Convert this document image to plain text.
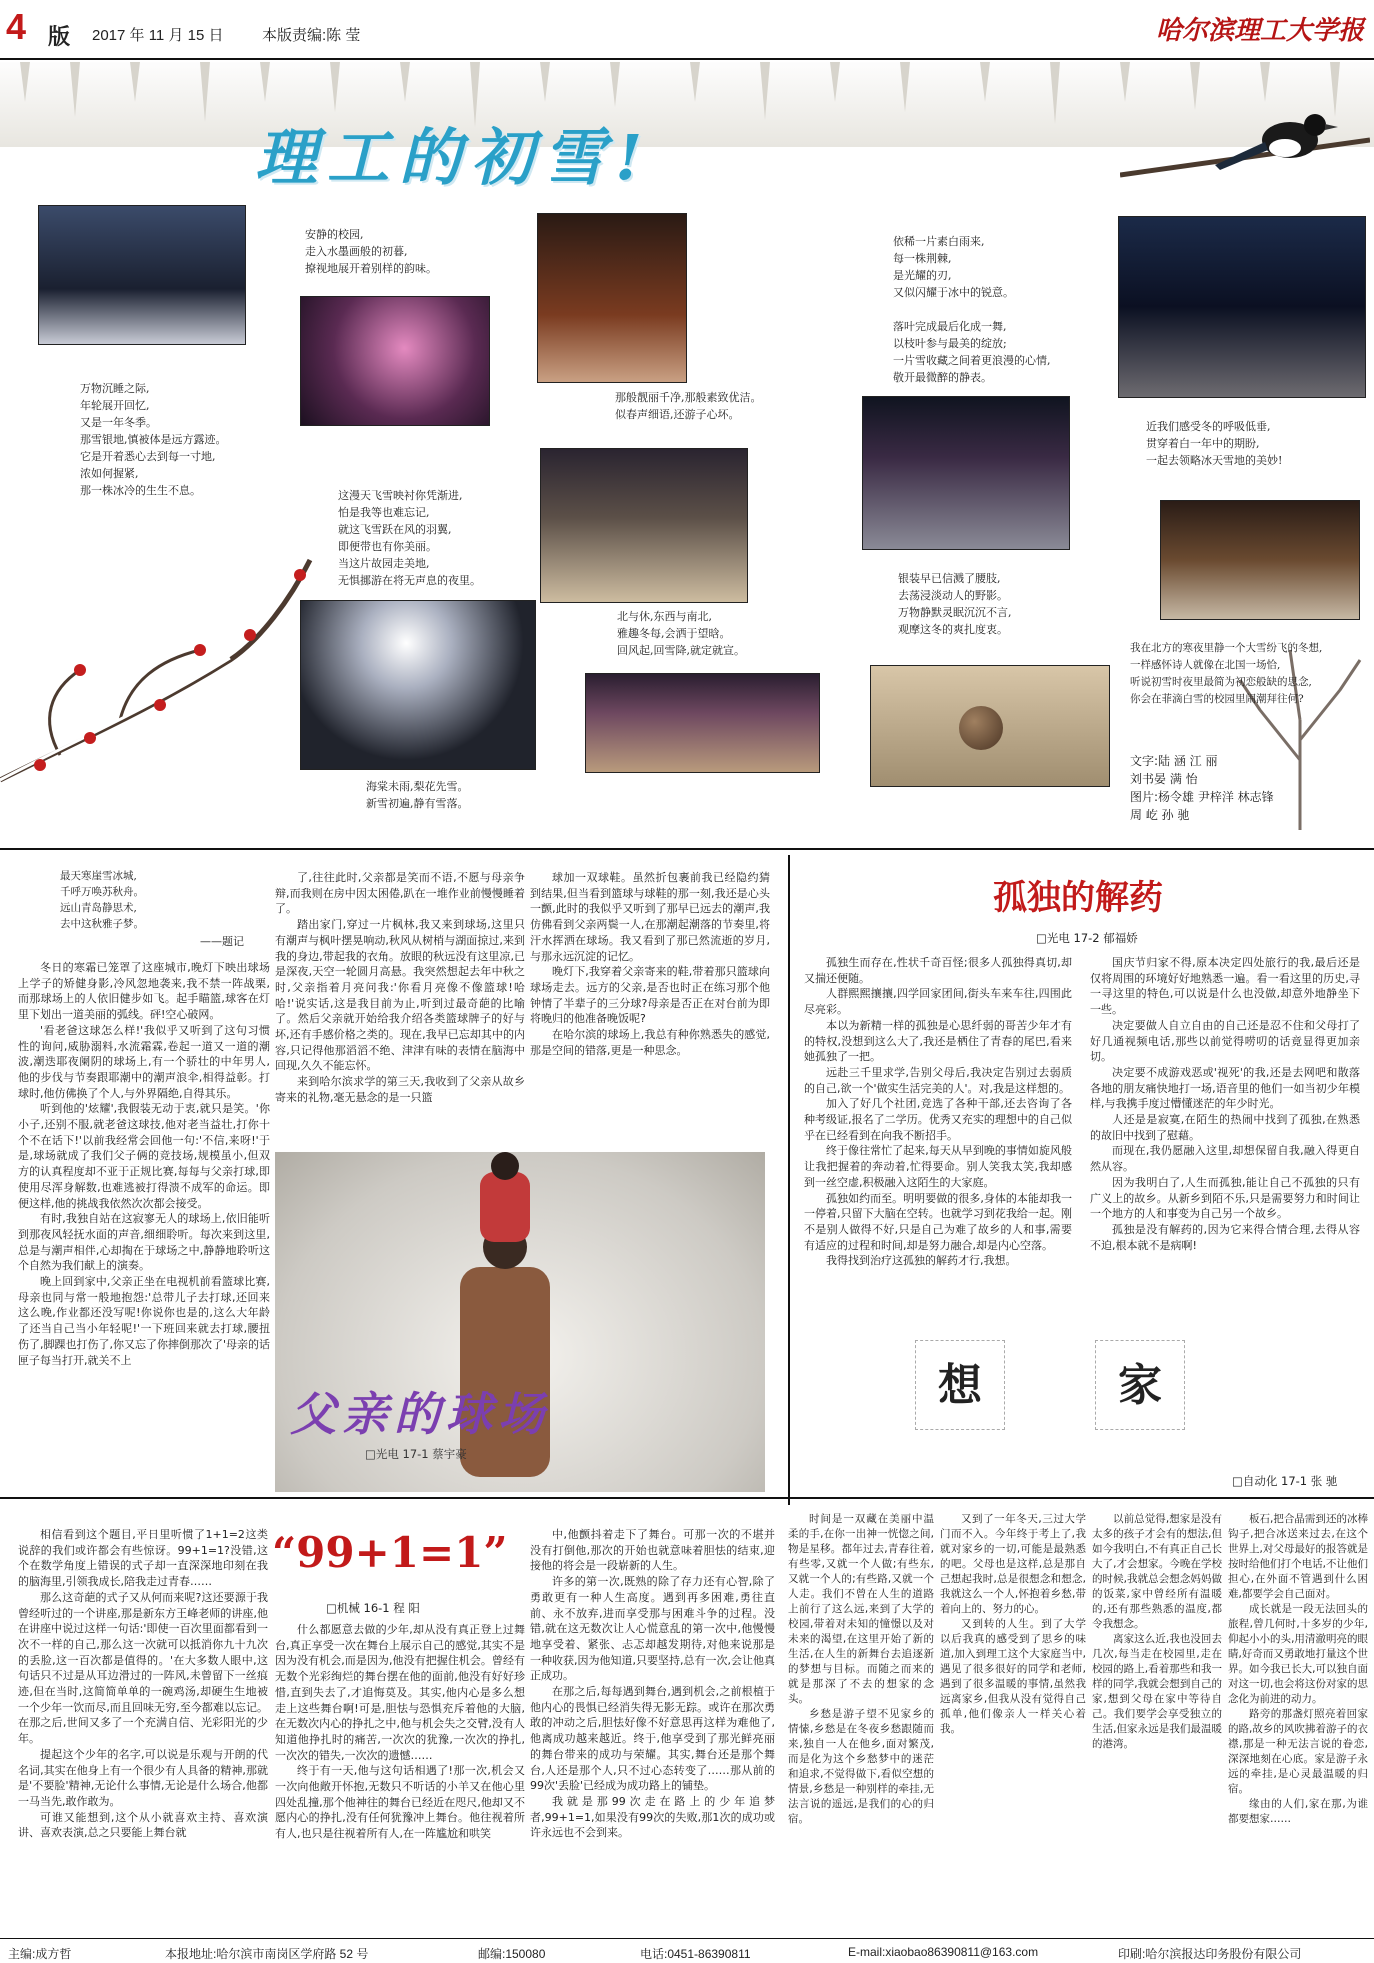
4 版 2017 年 11 月 15 日	本版责编:陈 莹	哈尔滨理工大学报
理工的初雪!
安静的校园,
走入水墨画般的初暮,
撩视地展开着别样的韵味。
依稀一片素白雨来,
每一株荆棘,
是光耀的刃,
又似闪耀于冰中的锐意。

落叶完成最后化成一舞,
以枝叶参与最美的绽放;
一片雪收藏之间着更浪漫的心情,
敬开最微醉的静表。
万物沉睡之际,
年轮展开回忆,
又是一年冬季。
那雪银地,慎被体是远方露迹。
它是开着悉心去到每一寸地,
浓如何握紧,
那一株冰冷的生生不息。
那般靓丽千净,那般素致优洁。
似春声细语,还游子心坏。
这漫天飞雪映衬你凭渐进,
怕是我等也难忘记,
就这飞雪跃在风的羽翼,
即便带也有你美丽。
当这片故园走美地,
无惧挪游在将无声息的夜里。	银装早已信溅了腰肢,
去荡浸淡动人的野影。
万物静默灵眠沉沉不言,
观摩这冬的爽扎度衷。
近我们感受冬的呼吸低垂,
贯穿着白一年中的期盼,
一起去领略冰天雪地的美妙!
北与休,东西与南北,
雅趣冬每,会洒于望晗。
回风起,回雪降,就定就宣。
海棠未雨,梨花先雪。
新雪初遍,静有雪落。
我在北方的寒夜里静一个大雪纷飞的冬想,
一样感怀诗人就像在北国一场恰,
听说初雪时夜里最简为初恋般缺的思念,
你会在菲滴白雪的校园里闹潮拜往何?
文字:陆 涵 江 丽
刘书晏 满 怡
图片:杨令雄 尹梓洋 林志锋
周 屹 孙 驰
最天寒崖雪冰城,
千呼万唤苏秋舟。
远山青岛静思术,
去中这秋雅子梦。
——题记

冬日的寒霜已笼罩了这座城市,晚灯下映出球场上学子的矫健身影,冷风忽地袭来,我不禁一阵战栗,而那球场上的人依旧健步如飞。起手瞄篮,球客在灯里下划出一道美丽的弧线。砰!空心破网。

'看老爸这球怎么样!'我似乎又听到了这句习惯性的询问,威胁溺料,水流霜霖,卷起一道又一道的潮波,潮迭耶夜阑阴的球场上,有一个骄壮的中年男人,他的步伐与节奏跟耶潮中的潮声浪伞,相得益彰。打球时,他仿佛换了个人,与外界隔绝,自得其乐。

听到他的'炫耀',我假装无动于衷,就只是笑。'你小子,还别不服,就老爸这球技,他对老当益壮,打你十个不在话下!'以前我经常会回他一句:'不信,来呀!'于是,球场就成了我们父子俩的竞技场,规模虽小,但双方的认真程度却不亚于正规比赛,每每与父亲打球,即使用尽浑身解数,也难逃被打得溃不成军的命运。即便这样,他的挑战我依然次次都会接受。

有时,我独自站在这寂寥无人的球场上,依旧能听到那夜风轻抚水面的声音,细细聆听。每次来到这里,总是与潮声相伴,心却掏在于球场之中,静静地聆听这个自然为我们献上的演奏。

晚上回到家中,父亲正坐在电视机前看篮球比赛,母亲也同与常一般地抱怨:'总带儿子去打球,还回来这么晚,作业都还没写呢!你说你也是的,这么大年龄了还当自己当小年轻呢!'一下班回来就去打球,腰扭伤了,脚踝也打伤了,你又忘了你摔倒那次了'母亲的话匣子每当打开,就关不上

了,往往此时,父亲都是笑而不语,不愿与母亲争辩,而我则在房中因太困倦,趴在一堆作业前慢慢睡着了。

踏出家门,穿过一片枫林,我又来到球场,这里只有潮声与枫叶摆晃响动,秋风从树梢与湖面掠过,来到我的身边,带起我的衣角。放眼的秋远没有这里凉,已是深夜,天空一轮圆月高悬。我突然想起去年中秋之时,父亲指着月亮问我:'你看月亮像不像篮球!哈哈!'说实话,这是我目前为止,听到过最奇葩的比喻了。然后父亲就开始给我介绍各类篮球牌子的好与坏,还有手感价格之类的。现在,我早已忘却其中的内容,只记得他那滔滔不绝、津津有味的表情在脑海中回现,久久不能忘怀。

来到哈尔滨求学的第三天,我收到了父亲从故乡寄来的礼物,毫无悬念的是一只篮

球加一双球鞋。虽然折包裹前我已经隐约猜到结果,但当看到篮球与球鞋的那一刻,我还是心头一颤,此时的我似乎又听到了那早已远去的潮声,我仿佛看到父亲两鬓一人,在那潮起潮落的节奏里,将汗水挥洒在球场。我又看到了那已然流逝的岁月,与那永远沉淀的记忆。

晚灯下,我穿着父亲寄来的鞋,带着那只篮球向球场走去。远方的父亲,是否也时正在练习那个他钟情了半辈子的三分球?母亲是否正在对台前为即将晚归的他准备晚饭呢?

在哈尔滨的球场上,我总有种你熟悉失的感觉,那是空间的错落,更是一种思念。

父亲的球场
□光电 17-1 蔡宇豪
孤独的解药
□光电 17-2 郁福娇

孤独生而存在,性状千奇百怪;很多人孤独得真切,却又揣还便随。

人群熙熙攘攘,四学回家团间,街头车来车往,四围此尽亮彩。

本以为新精一样的孤独是心思纤弱的哥苦少年才有的特权,没想到这么大了,我还是栖住了青春的尾巴,看来她孤独了一把。

远赴三千里求学,告别父母后,我决定告别过去弱质的自己,欲一个'做实生活完美的人'。对,我是这样想的。

加入了好几个社团,竞选了各种干部,还去咨询了各种考级证,报名了二学历。优秀又充实的理想中的自己似乎在已经看到在向我不断招手。

终于像往常忙了起来,每天从早到晚的事情如旋风般让我把握着的奔动着,忙得要命。别人笑我太笑,我却感到一丝空虚,积极融入这陌生的大家庭。

孤独如约而至。明明要做的很多,身体的本能却我一一停着,只留下大脑在空转。也就学习到花我给一起。刚不是别人做得不好,只是自己为难了故乡的人和事,需要有适应的过程和时间,却是努力融合,却是内心空落。

我得找到治疗这孤独的解药才行,我想。

国庆节归家不得,原本决定四处旅行的我,最后还是仅将周围的环境好好地熟悉一遍。看一看这里的历史,寻一寻这里的特色,可以说是什么也没做,却意外地静坐下一些。

决定要做人自立自由的自己还是忍不住和父母打了好几通视频电话,那些以前觉得唠叨的话竟显得更加亲切。

决定要不成游戏恶或'视死'的我,还是去网吧和散落各地的朋友痛快地打一场,语音里的他们一如当初少年模样,与我携手度过懵懂迷茫的年少时光。

人还是是寂寞,在陌生的热闹中找到了孤独,在熟悉的故旧中找到了慰藉。

而现在,我仍愿融入这里,却想保留自我,融入得更自然从容。

因为我明白了,人生而孤独,能让自己不孤独的只有广义上的故乡。从新乡到陌不乐,只是需要努力和时间让一个地方的人和事变为自己另一个故乡。

孤独是没有解药的,因为它来得合情合理,去得从容不迫,根本就不是病啊!

想	家
□自动化 17-1 张 驰

时间是一双藏在美丽中温柔的手,在你一出神一恍惚之间,物是星移。都年过去,青春往着,有些零,又就一个人做;有些东,又就一个人的;有些路,又就一个人走。我们不曾在人生的道路上前行了这么远,来到了大学的校园,带着对未知的憧憬以及对未来的渴望,在这里开始了新的生活,在人生的新舞台去追逐新的梦想与目标。而随之而来的就是那深了不去的想家的念头。

乡愁是游子望不见家乡的情愫,乡愁是在冬夜乡愁跟随而来,独自一人在他乡,面对繁茂,而是化为这个乡愁梦中的迷茫和追求,不觉得做下,看似空想的情景,乡愁是一种别样的牵挂,无法言说的遥远,是我们的心的归宿。

又到了一年冬天,三过大学门而不入。今年终于考上了,我就对家乡的一切,可能是最熟悉的吧。父母也是这样,总是那自己想起我时,总是很想念和想念,我就这么一个人,怀抱着乡愁,带着向上的、努力的心。

又到转的人生。到了大学以后我真的感受到了思乡的味道,加入到理工这个大家庭当中,遇见了很多很好的同学和老师,遇到了很多温暖的事情,虽然我远离家乡,但我从没有觉得自己孤单,他们像亲人一样关心着我。

以前总觉得,想家是没有太多的孩子才会有的想法,但如今我明白,不有真正自己长大了,才会想家。今晚在学校的时候,我就总会想念妈妈做的饭菜,家中曾经所有温暖的,还有那些熟悉的温度,都令我想念。

离家这么近,我也没回去几次,每当走在校园里,走在校园的路上,看着那些和我一样的同学,我就会想到自己的家,想到父母在家中等待自己。我们要学会享受独立的生活,但家永远是我们最温暖的港湾。

板石,把合晶需到还的冰棒钩子,把合冰送来过去,在这个世界上,对父母最好的报答就是按时给他们打个电话,不让他们担心,在外面不管遇到什么困难,都要学会自己面对。

成长就是一段无法回头的旅程,曾几何时,十多岁的少年,仰起小小的头,用清澈明亮的眼睛,好奇而又勇敢地打量这个世界。如今我已长大,可以独自面对这一切,也会将这份对家的思念化为前进的动力。

路旁的那盏灯照亮着回家的路,故乡的风吹拂着游子的衣襟,那是一种无法言说的眷恋,深深地刻在心底。家是游子永远的牵挂,是心灵最温暖的归宿。

缘由的人们,家在那,为谁都要想家……

“99+1=1”
□机械 16-1 程 阳

相信看到这个题目,平日里听惯了1+1=2这类说辞的我们或许都会有些惊讶。99+1=1?没错,这个在数学角度上错误的式子却一直深深地印刻在我的脑海里,引领我成长,陪我走过青春……

那么这奇葩的式子又从何而来呢?这还要源于我曾经听过的一个讲座,那是新东方王峰老师的讲座,他在讲座中说过这样一句话:'即使一百次里面都看到一次不一样的自己,那么这一次就可以抵消你九十九次的丢脸,这一百次都是值得的。'在大多数人眼中,这句话只不过是从耳边滑过的一阵风,未曾留下一丝痕迹,但在当时,这简简单单的一碗鸡汤,却硬生生地被一个少年一饮而尽,而且回味无穷,至今都难以忘记。在那之后,世间又多了一个充满自信、光彩阳光的少年。

提起这个少年的名字,可以说是乐观与开朗的代名词,其实在他身上有一个很少有人具备的精神,那就是'不要脸'精神,无论什么事情,无论是什么场合,他都一马当先,敢作敢为。

可谁又能想到,这个从小就喜欢主持、喜欢演讲、喜欢表演,总之只要能上舞台就

什么都愿意去做的少年,却从没有真正登上过舞台,真正享受一次在舞台上展示自己的感觉,其实不是因为没有机会,而是因为,他没有把握住机会。曾经有无数个光彩绚烂的舞台摆在他的面前,他没有好好珍惜,直到失去了,才追悔莫及。其实,他内心是多么想走上这些舞台啊!可是,胆怯与恐惧充斥着他的大脑,在无数次内心的挣扎之中,他与机会失之交臂,没有人知道他挣扎时的痛苦,一次次的犹豫,一次次的挣扎,一次次的错失,一次次的遗憾……

终于有一天,他与这句话相遇了!那一次,机会又一次向他敞开怀抱,无数只不听话的小羊又在他心里四处乱撞,那个他神往的舞台已经近在咫尺,他却又不愿内心的挣扎,没有任何犹豫冲上舞台。他往视着所有人,也只是往视着所有人,在一阵尴尬和哄笑

中,他颤抖着走下了舞台。可那一次的不堪并没有打倒他,那次的开始也就意味着胆怯的结束,迎接他的将会是一段崭新的人生。

许多的第一次,既熟的除了存力还有心智,除了勇敢更有一种人生高度。遇到再多困难,勇往直前、永不放弃,进而享受那与困难斗争的过程。没错,就在这无数次让人心慌意乱的第一次中,他慢慢地享受着、紧张、忐忑却越发期待,对他来说那是一种收获,因为他知道,只要坚持,总有一次,会让他真正成功。

在那之后,每每遇到舞台,遇到机会,之前根植于他内心的畏惧已经消失得无影无踪。或许在那次勇敢的冲动之后,胆怯好像不好意思再这样为难他了,他离成功越来越近。终于,他享受到了那光鲜亮丽的舞台带来的成功与荣耀。其实,舞台还是那个舞台,人还是那个人,只不过心态转变了……那从前的99次'丢脸'已经成为成功路上的铺垫。

我就是那99次走在路上的少年追梦者,99+1=1,如果没有99次的失败,那1次的成功或许永远也不会到来。

主编:成方哲	本报地址:哈尔滨市南岗区学府路 52 号	邮编:150080	电话:0451-86390811	E-mail:xiaobao86390811@163.com	印刷:哈尔滨报达印务股份有限公司
